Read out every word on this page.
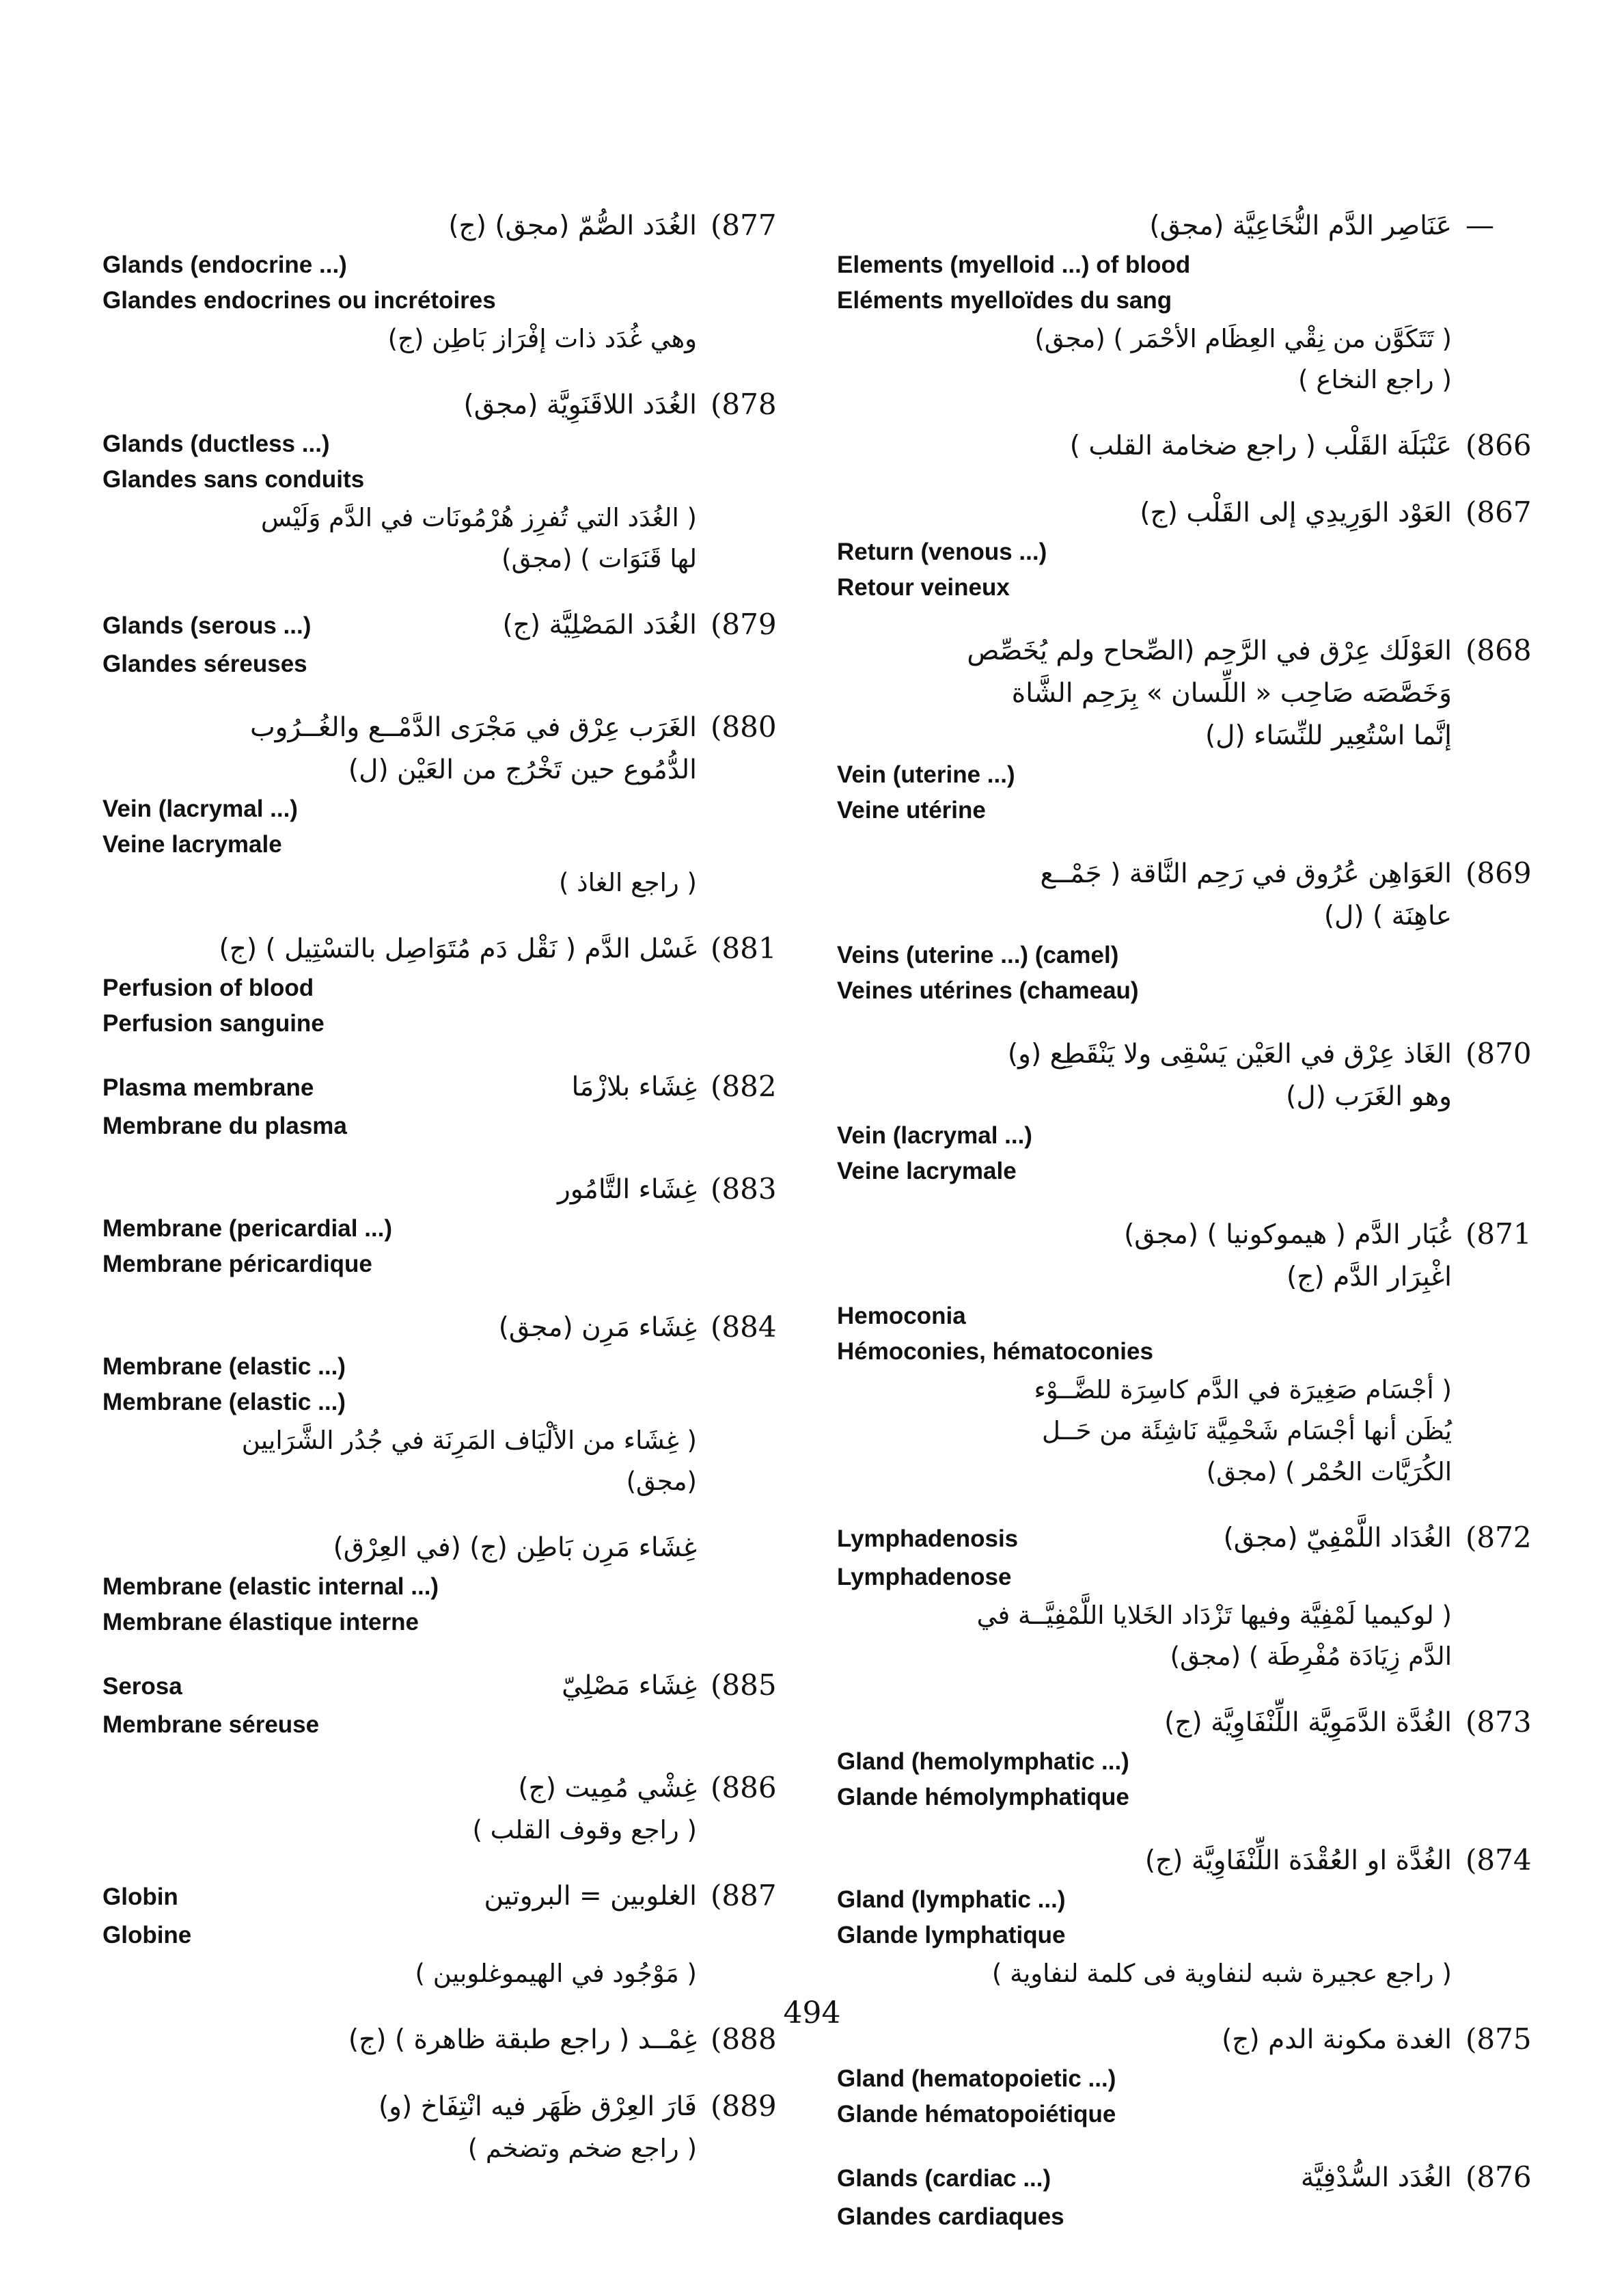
(877
الغُدَد الصُّمّ (مجق) (ج)
Glands (endocrine ...)
Glandes endocrines ou incrétoires
وهي غُدَد ذات إفْرَاز بَاطِن (ج)
(878
الغُدَد اللاقَنَوِيَّة (مجق)
Glands (ductless ...)
Glandes sans conduits
( الغُدَد التي تُفرِز هُرْمُونَات في الدَّم وَلَيْس
لها قَنَوَات ) (مجق)
(879
Glands (serous ...)	الغُدَد المَصْلِيَّة (ج)
Glandes séreuses
(880
الغَرَب عِرْق في مَجْرَى الدَّمْــع والغُــرُوب
الدُّمُوع حين تَخْرُج من العَيْن (ل)
Vein (lacrymal ...)
Veine lacrymale
( راجع الغاذ )
(881
غَسْل الدَّم ( نَقْل دَم مُتَوَاصِل بالتسْتِيل ) (ج)
Perfusion of blood
Perfusion sanguine
(882
Plasma membrane	غِشَاء بلازْمَا
Membrane du plasma
(883
غِشَاء التَّامُور
Membrane (pericardial ...)
Membrane péricardique
(884
غِشَاء مَرِن (مجق)
Membrane (elastic ...)
Membrane (elastic ...)
( غِشَاء من الألْيَاف المَرِنَة في جُدُر الشَّرَايين
(مجق)
غِشَاء مَرِن بَاطِن (ج) (في العِرْق)
Membrane (elastic internal ...)
Membrane élastique interne
(885
Serosa	غِشَاء مَصْلِيّ
Membrane séreuse
(886
غِشْي مُمِيت (ج)
( راجع وقوف القلب )
(887
Globin	الغلوبين = البروتين
Globine
( مَوْجُود في الهيموغلوبين )
(888
غِمْــد ( راجع طبقة ظاهرة ) (ج)
(889
فَارَ العِرْق ظَهَر فيه انْتِفَاخ (و)
( راجع ضخم وتضخم )
—
عَنَاصِر الدَّم النُّخَاعِيَّة (مجق)
Elements (myelloid ...) of blood
Eléments myelloïdes du sang
( تَتَكَوَّن من نِقْي العِظَام الأحْمَر ) (مجق)
( راجع النخاع )
(866
عَنْبَلَة القَلْب ( راجع ضخامة القلب )
(867
العَوْد الوَرِيدِي إلى القَلْب (ج)
Return (venous ...)
Retour veineux
(868
العَوْلَك عِرْق في الرَّحِم (الصِّحاح ولم يُخَصِّص
وَخَصَّصَه صَاحِب « اللِّسان » بِرَحِم الشَّاة
إنَّما اسْتُعِير للنِّسَاء (ل)
Vein (uterine ...)
Veine utérine
(869
العَوَاهِن عُرُوق في رَحِم النَّاقة ( جَمْــع
عاهِنَة ) (ل)
Veins (uterine ...) (camel)
Veines utérines (chameau)
(870
الغَاذ عِرْق في العَيْن يَسْقِى ولا يَنْقَطِع (و)
وهو الغَرَب (ل)
Vein (lacrymal ...)
Veine lacrymale
(871
غُبَار الدَّم ( هيموكونيا ) (مجق)
اغْبِرَار الدَّم (ج)
Hemoconia
Hémoconies, hématoconies
( أجْسَام صَغِيرَة في الدَّم كاسِرَة للضَّــوْء
يُظَن أنها أجْسَام شَحْمِيَّة نَاشِئَة من حَــل
الكُرَيَّات الحُمْر ) (مجق)
(872
Lymphadenosis	الغُدَاد اللَّمْفِيّ (مجق)
Lymphadenose
( لوكيميا لَمْفِيَّة وفيها تَزْدَاد الخَلايا اللَّمْفِيَّــة في
الدَّم زِيَادَة مُفْرِطَة ) (مجق)
(873
الغُدَّة الدَّمَوِيَّة اللِّنْفَاوِيَّة (ج)
Gland (hemolymphatic ...)
Glande hémolymphatique
(874
الغُدَّة او العُقْدَة اللِّنْفَاوِيَّة (ج)
Gland (lymphatic ...)
Glande lymphatique
( راجع عجيرة شبه لنفاوية فى كلمة لنفاوية )
(875
الغدة مكونة الدم (ج)
Gland (hematopoietic ...)
Glande hématopoiétique
(876
Glands (cardiac ...)	الغُدَد السُّدْفِيَّة
Glandes cardiaques
494
